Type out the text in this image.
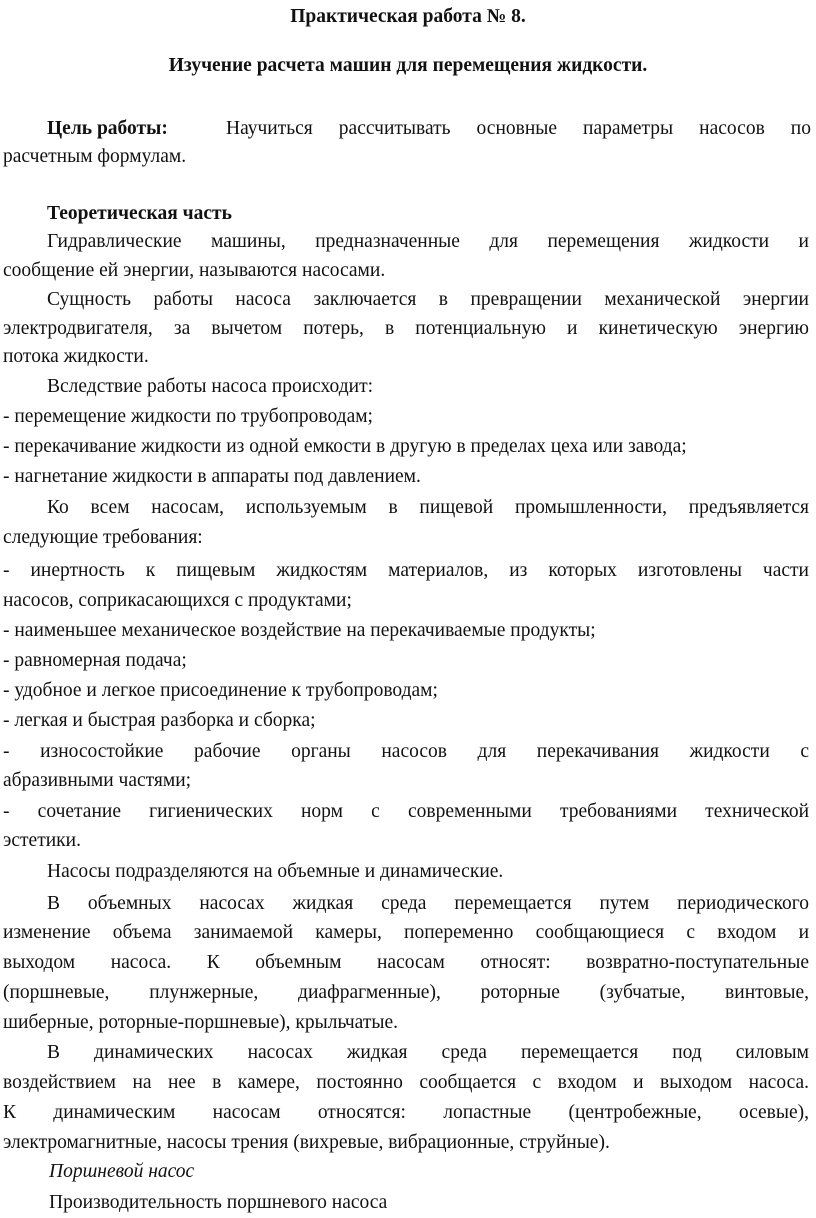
Практическая работа № 8.
Изучение расчета машин для перемещения жидкости.
Цель работы:	Научиться рассчитывать основные параметры насосов по
расчетным формулам.
Теоретическая часть
Гидравлические машины, предназначенные для перемещения жидкости и
сообщение ей энергии, называются насосами.
Сущность работы насоса заключается в превращении механической энергии
электродвигателя, за вычетом потерь, в потенциальную и кинетическую энергию
потока жидкости.
Вследствие работы насоса происходит:
- перемещение жидкости по трубопроводам;
- перекачивание жидкости из одной емкости в другую в пределах цеха или завода;
- нагнетание жидкости в аппараты под давлением.
Ко всем насосам, используемым в пищевой промышленности, предъявляется
следующие требования:
- инертность к пищевым жидкостям материалов, из которых изготовлены части
насосов, соприкасающихся с продуктами;
- наименьшее механическое воздействие на перекачиваемые продукты;
- равномерная подача;
- удобное и легкое присоединение к трубопроводам;
- легкая и быстрая разборка и сборка;
- износостойкие рабочие органы насосов для перекачивания жидкости с
абразивными частями;
- сочетание гигиенических норм с современными требованиями технической
эстетики.
Насосы подразделяются на объемные и динамические.
В объемных насосах жидкая среда перемещается путем периодического
изменение объема занимаемой камеры, попеременно сообщающиеся с входом и
выходом насоса. К объемным насосам относят: возвратно-поступательные
(поршневые, плунжерные, диафрагменные), роторные (зубчатые, винтовые,
шиберные, роторные-поршневые), крыльчатые.
В динамических насосах жидкая среда перемещается под силовым
воздействием на нее в камере, постоянно сообщается с входом и выходом насоса.
К динамическим насосам относятся: лопастные (центробежные, осевые),
электромагнитные, насосы трения (вихревые, вибрационные, струйные).
Поршневой насос
Производительность поршневого насоса
